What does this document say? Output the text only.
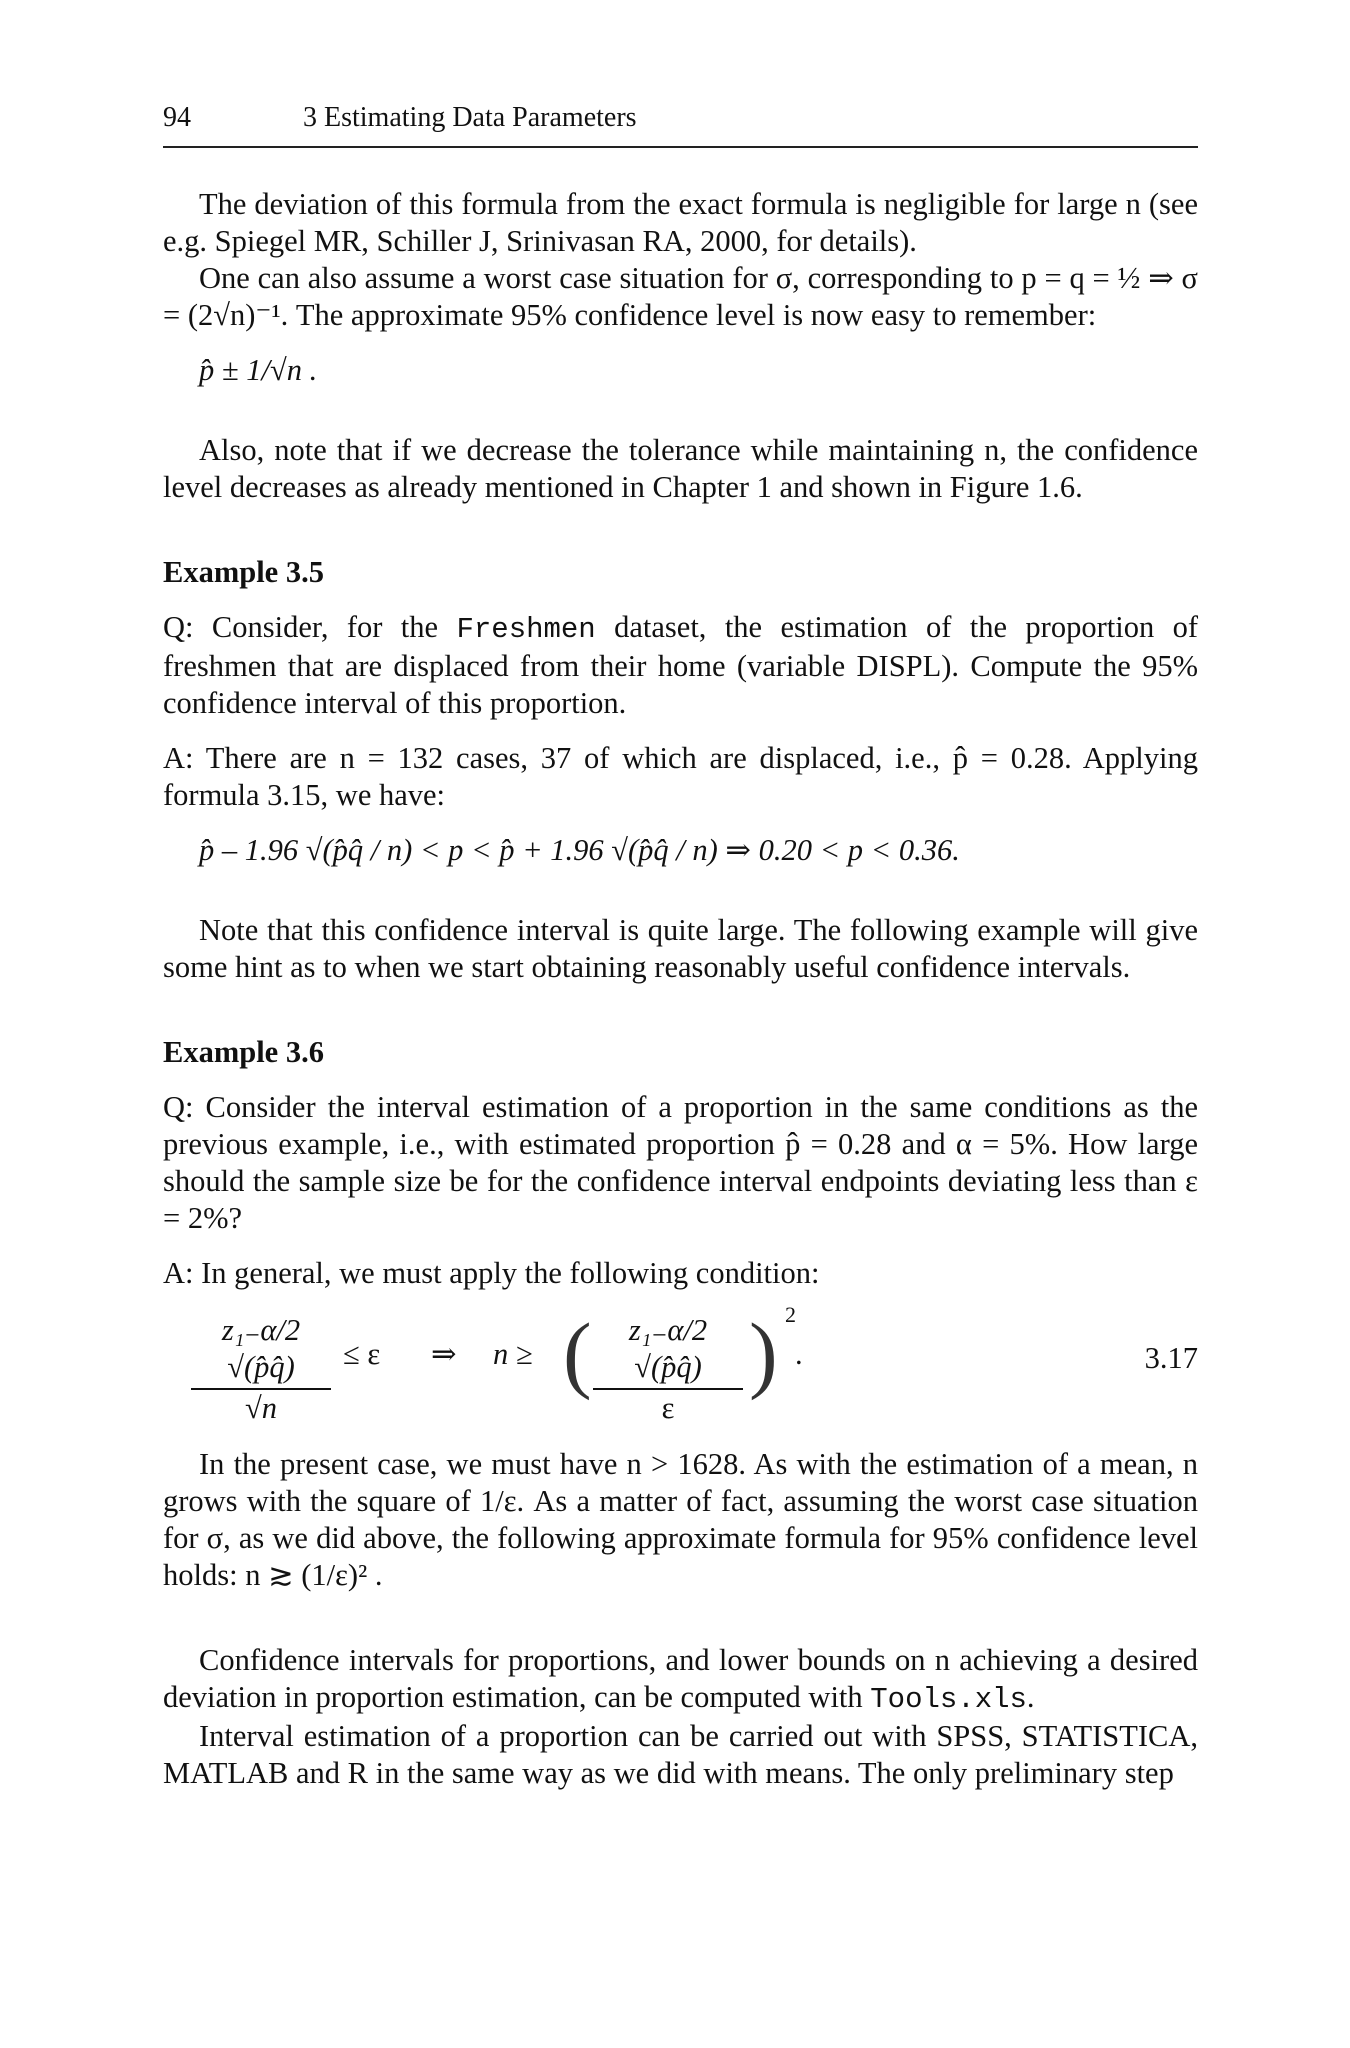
94	3 Estimating Data Parameters

The deviation of this formula from the exact formula is negligible for large n (see e.g. Spiegel MR, Schiller J, Srinivasan RA, 2000, for details).

One can also assume a worst case situation for σ, corresponding to p = q = ½ ⇒ σ = (2√n)⁻¹. The approximate 95% confidence level is now easy to remember:

p̂ ± 1/√n .

Also, note that if we decrease the tolerance while maintaining n, the confidence level decreases as already mentioned in Chapter 1 and shown in Figure 1.6.

Example 3.5

Q: Consider, for the Freshmen dataset, the estimation of the proportion of freshmen that are displaced from their home (variable DISPL). Compute the 95% confidence interval of this proportion.

A: There are n = 132 cases, 37 of which are displaced, i.e., p̂ = 0.28. Applying formula 3.15, we have:

p̂ – 1.96 √(p̂q̂ / n) < p < p̂ + 1.96 √(p̂q̂ / n) ⇒ 0.20 < p < 0.36.

Note that this confidence interval is quite large. The following example will give some hint as to when we start obtaining reasonably useful confidence intervals.

Example 3.6

Q: Consider the interval estimation of a proportion in the same conditions as the previous example, i.e., with estimated proportion p̂ = 0.28 and α = 5%. How large should the sample size be for the confidence interval endpoints deviating less than ε = 2%?

A: In general, we must apply the following condition:

$\frac{\text{z₁₋α/2 √(p̂q̂)}}{√n} \le \varepsilon$ ⇒ n ≥ ( $\frac{\text{z₁₋α/2 √(p̂q̂)}}{\varepsilon}$ ) 2
.	3.17

In the present case, we must have n > 1628. As with the estimation of a mean, n grows with the square of 1/ε. As a matter of fact, assuming the worst case situation for σ, as we did above, the following approximate formula for 95% confidence level holds: n ≳ (1/ε)² .

Confidence intervals for proportions, and lower bounds on n achieving a desired deviation in proportion estimation, can be computed with Tools.xls.

Interval estimation of a proportion can be carried out with SPSS, STATISTICA, MATLAB and R in the same way as we did with means. The only preliminary step
